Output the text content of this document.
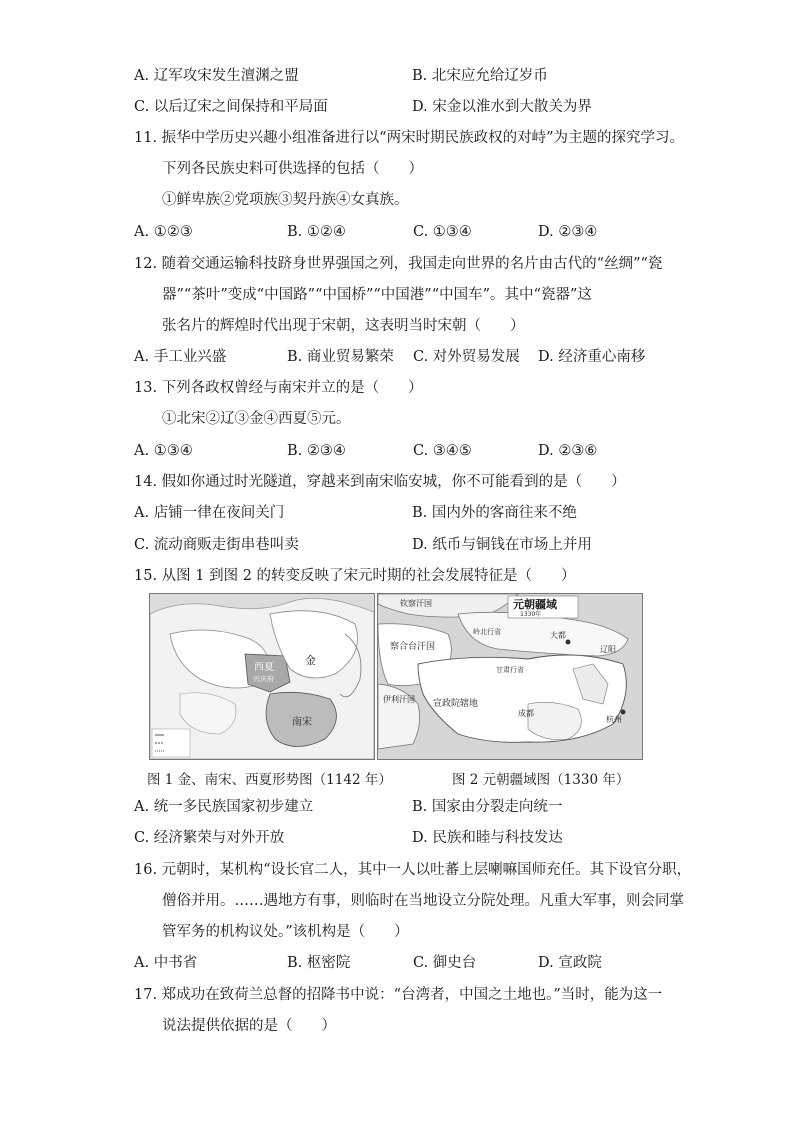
A. 辽军攻宋发生澶渊之盟	B. 北宋应允给辽岁币
C. 以后辽宋之间保持和平局面	D. 宋金以淮水到大散关为界
11. 振华中学历史兴趣小组准备进行以“两宋时期民族政权的对峙”为主题的探究学习。
下列各民族史料可供选择的包括（　　）
①鲜卑族②党项族③契丹族④女真族。
A. ①②③	B. ①②④	C. ①③④	D. ②③④
12. 随着交通运输科技跻身世界强国之列，我国走向世界的名片由古代的“丝绸”“瓷
器”“茶叶”变成“中国路”“中国桥”“中国港”“中国车”。其中“瓷器”这
张名片的辉煌时代出现于宋朝，这表明当时宋朝（　　）
A. 手工业兴盛	B. 商业贸易繁荣 C. 对外贸易发展 D. 经济重心南移
13. 下列各政权曾经与南宋并立的是（　　）
①北宋②辽③金④西夏⑤元。
A. ①③④	B. ②③④	C. ③④⑤	D. ②③⑥
14. 假如你通过时光隧道，穿越来到南宋临安城，你不可能看到的是（　　）
A. 店铺一律在夜间关门	B. 国内外的客商往来不绝
C. 流动商贩走街串巷叫卖	D. 纸币与铜钱在市场上并用
15. 从图 1 到图 2 的转变反映了宋元时期的社会发展特征是（　　）
金
西夏
兴庆府
南宋
元朝疆域
1330年
钦察汗国
察合台汗国
伊利汗国 宣政院辖地
大都
杭州
岭北行省
甘肃行省
成都
辽阳
图 1 金、南宋、西夏形势图（1142 年）	图 2 元朝疆域图（1330 年）
A. 统一多民族国家初步建立	B. 国家由分裂走向统一
C. 经济繁荣与对外开放	D. 民族和睦与科技发达
16. 元朝时，某机构“设长官二人，其中一人以吐蕃上层喇嘛国师充任。其下设官分职，
僧俗并用。……遇地方有事，则临时在当地设立分院处理。凡重大军事，则会同掌
管军务的机构议处。”该机构是（　　）
A. 中书省	B. 枢密院	C. 御史台	D. 宣政院
17. 郑成功在致荷兰总督的招降书中说：“台湾者，中国之土地也。”当时，能为这一
说法提供依据的是（　　）
